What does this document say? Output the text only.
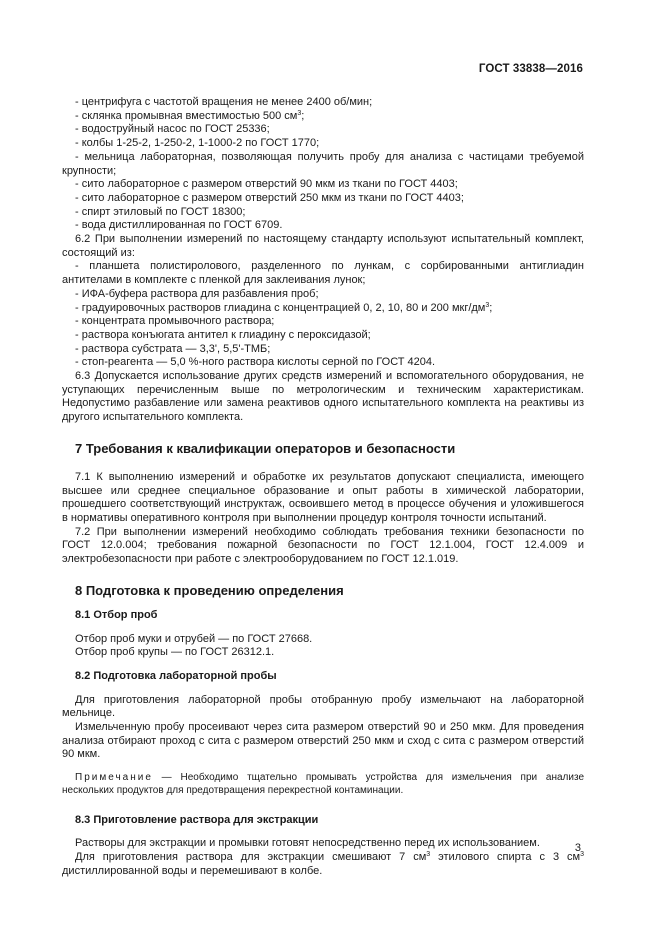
ГОСТ 33838—2016

- центрифуга с частотой вращения не менее 2400 об/мин;

- склянка промывная вместимостью 500 $см^3$;

- водоструйный насос по ГОСТ 25336;

- колбы 1-25-2, 1-250-2, 1-1000-2 по ГОСТ 1770;

- мельница лабораторная, позволяющая получить пробу для анализа с частицами требуемой крупности;

- сито лабораторное с размером отверстий 90 мкм из ткани по ГОСТ 4403;

- сито лабораторное с размером отверстий 250 мкм из ткани по ГОСТ 4403;

- спирт этиловый по ГОСТ 18300;

- вода дистиллированная по ГОСТ 6709.

6.2 При выполнении измерений по настоящему стандарту используют испытательный комплект, состоящий из:

- планшета полистиролового, разделенного по лункам, с сорбированными антиглиадин антителами в комплекте с пленкой для заклеивания лунок;

- ИФА-буфера раствора для разбавления проб;

- градуировочных растворов глиадина с концентрацией 0, 2, 10, 80 и 200 мкг/$дм^3$;

- концентрата промывочного раствора;

- раствора конъюгата антител к глиадину с пероксидазой;

- раствора субстрата — 3,3', 5,5'-ТМБ;

- стоп-реагента — 5,0 %-ного раствора кислоты серной по ГОСТ 4204.

6.3 Допускается использование других средств измерений и вспомогательного оборудования, не уступающих перечисленным выше по метрологическим и техническим характеристикам. Недопустимо разбавление или замена реактивов одного испытательного комплекта на реактивы из другого испытательного комплекта.

7 Требования к квалификации операторов и безопасности

7.1 К выполнению измерений и обработке их результатов допускают специалиста, имеющего высшее или среднее специальное образование и опыт работы в химической лаборатории, прошедшего соответствующий инструктаж, освоившего метод в процессе обучения и уложившегося в нормативы оперативного контроля при выполнении процедур контроля точности испытаний.

7.2 При выполнении измерений необходимо соблюдать требования техники безопасности по ГОСТ 12.0.004; требования пожарной безопасности по ГОСТ 12.1.004, ГОСТ 12.4.009 и электробезопасности при работе с электрооборудованием по ГОСТ 12.1.019.

8 Подготовка к проведению определения
8.1 Отбор проб

Отбор проб муки и отрубей — по ГОСТ 27668.

Отбор проб крупы — по ГОСТ 26312.1.

8.2 Подготовка лабораторной пробы

Для приготовления лабораторной пробы отобранную пробу измельчают на лабораторной мельнице.

Измельченную пробу просеивают через сита размером отверстий 90 и 250 мкм. Для проведения анализа отбирают проход с сита с размером отверстий 250 мкм и сход с сита с размером отверстий 90 мкм.

Примечание — Необходимо тщательно промывать устройства для измельчения при анализе нескольких продуктов для предотвращения перекрестной контаминации.

8.3 Приготовление раствора для экстракции

Растворы для экстракции и промывки готовят непосредственно перед их использованием.

Для приготовления раствора для экстракции смешивают 7 $см^3$ этилового спирта с 3 $см^3$ дистиллированной воды и перемешивают в колбе.

3
